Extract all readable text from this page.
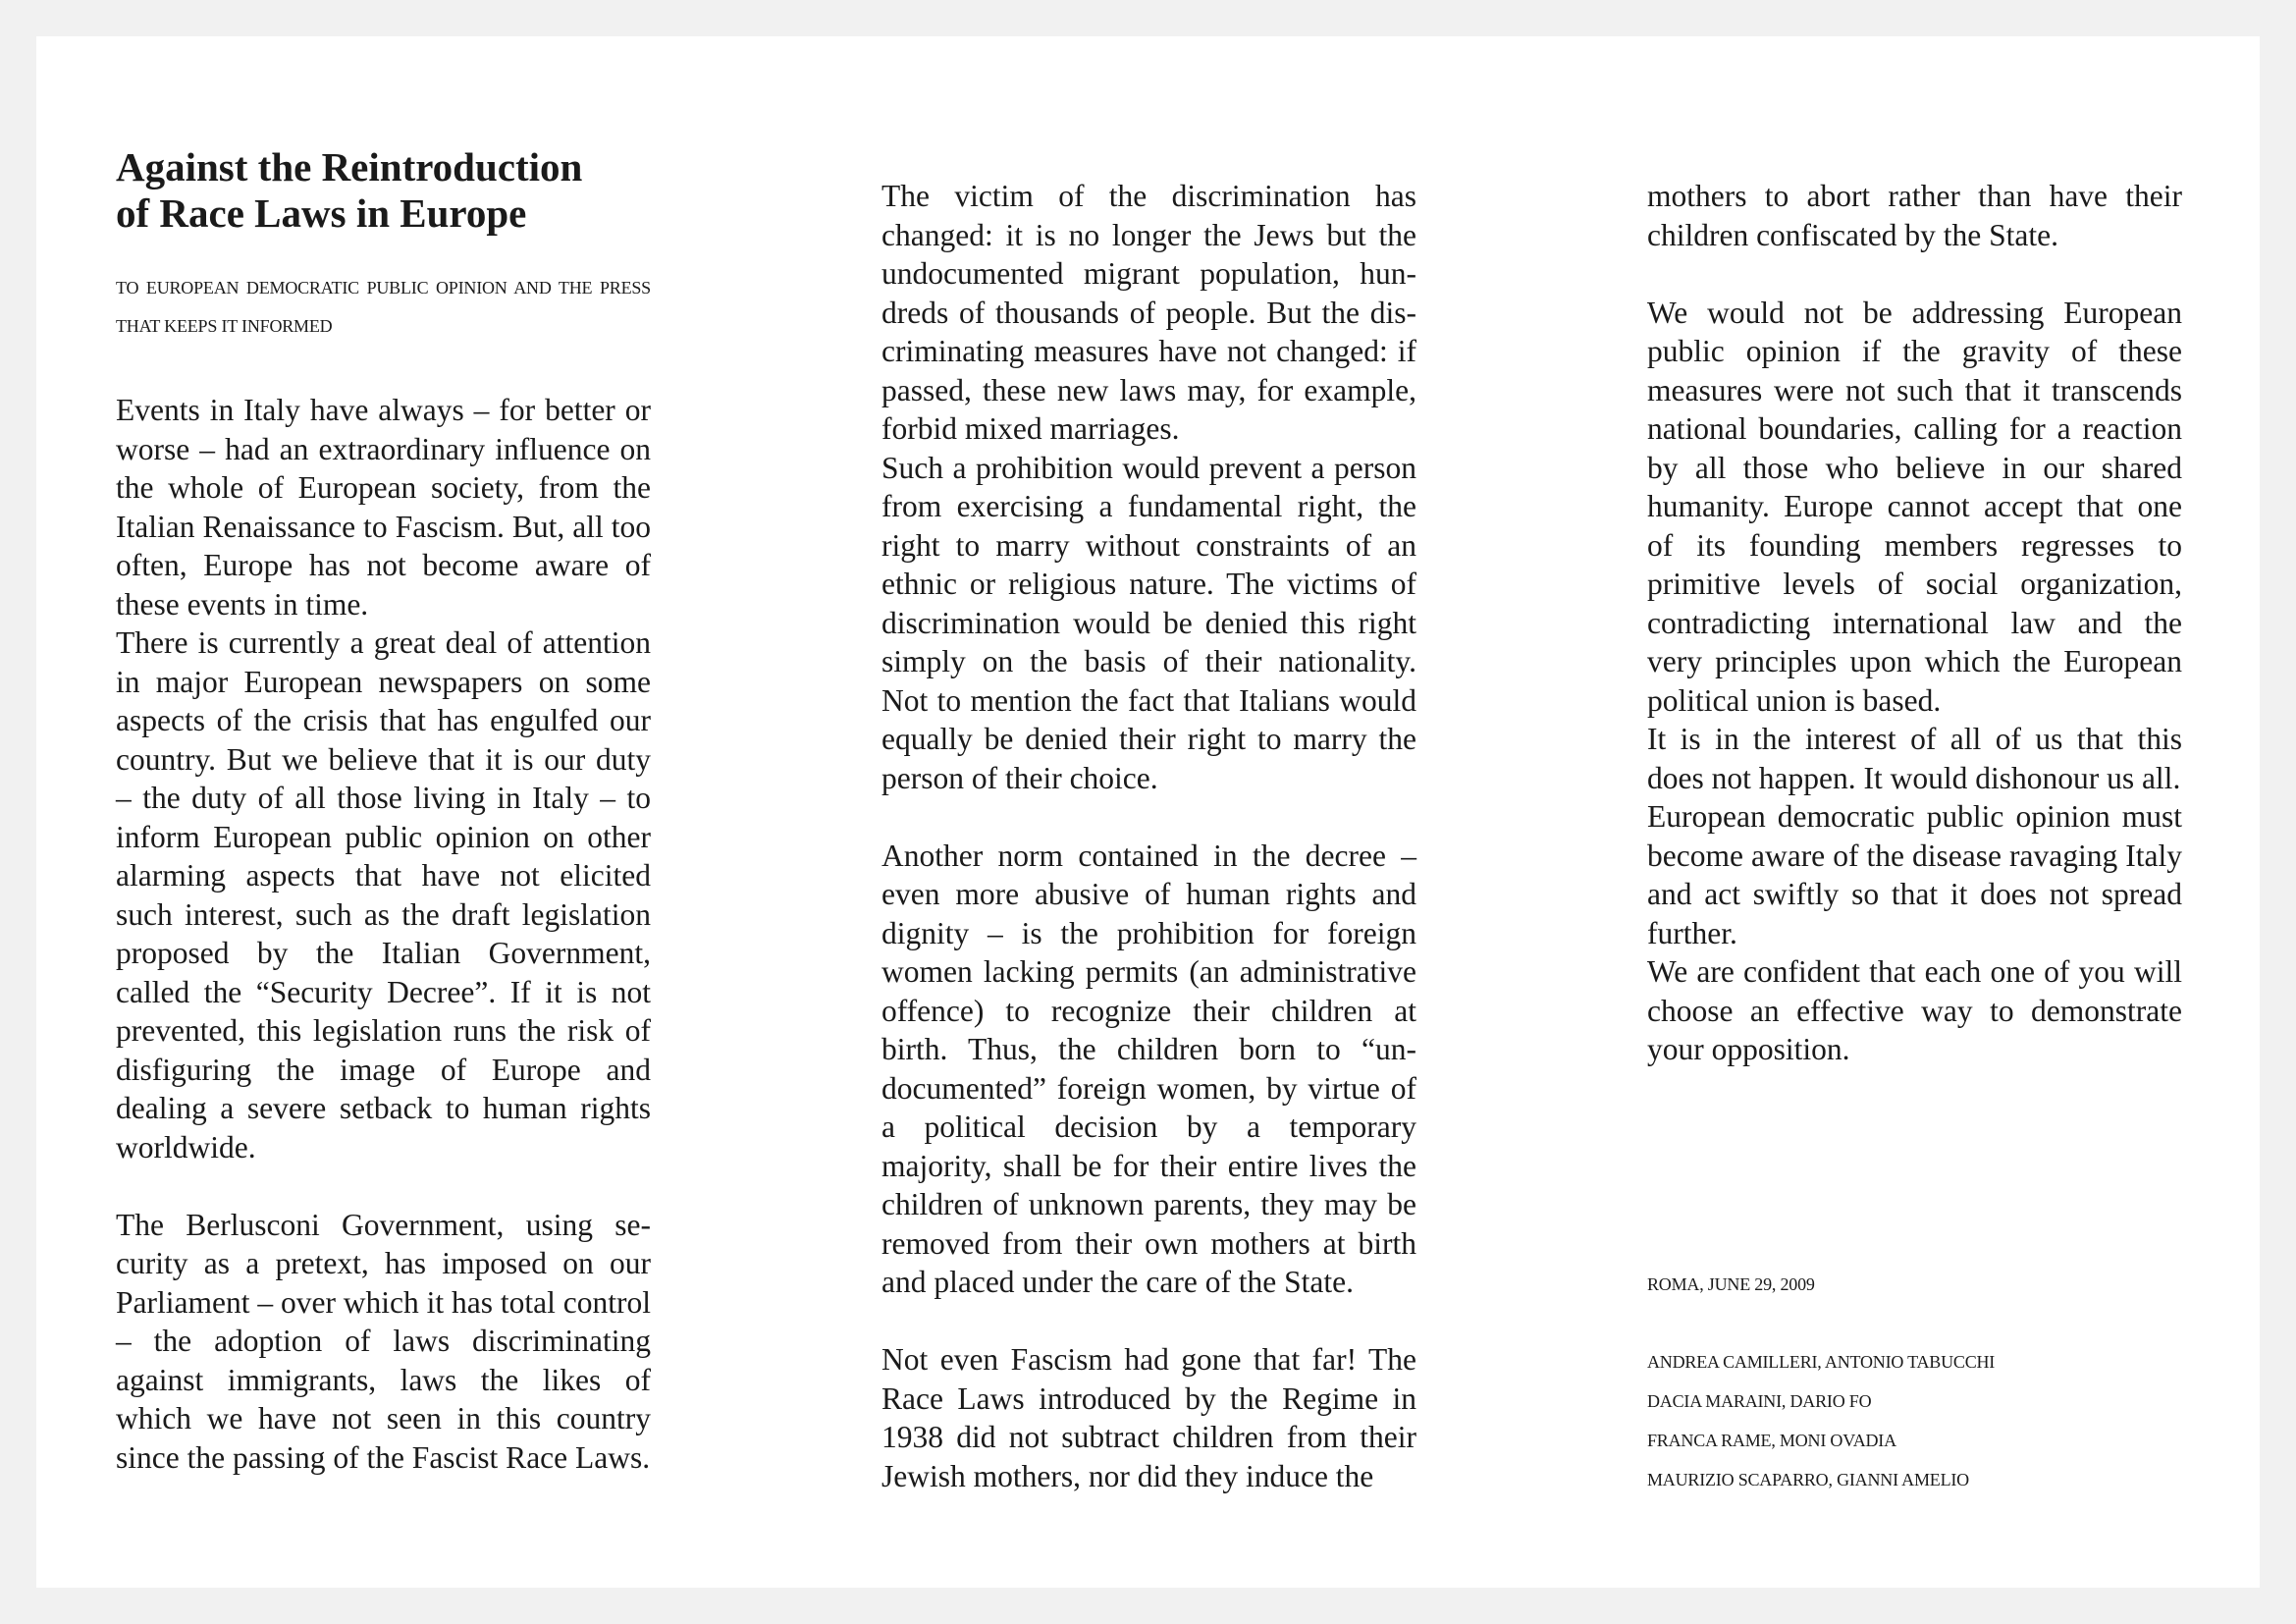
Against the Reintroduction
of Race Laws in Europe

TO EUROPEAN DEMOCRATIC PUBLIC OPINION AND THE PRESS THAT KEEPS IT INFORMED

Events in Italy have always – for better or worse – had an extraordinary influence on the whole of European society, from the Italian Renaissance to Fascism. But, all too often, Europe has not become aware of these events in time.

There is currently a great deal of attention in major European newspapers on some aspects of the crisis that has engulfed our country. But we believe that it is our duty – the duty of all those living in Italy – to inform European public opinion on other alarming aspects that have not elicited such interest, such as the draft legislation proposed by the Italian Government, called the “Security Decree”. If it is not prevented, this legislation runs the risk of disfiguring the image of Europe and dealing a severe setback to human rights worldwide.

The Berlusconi Government, using security as a pretext, has imposed on our Parliament – over which it has total control – the adoption of laws discriminating against immigrants, laws the likes of which we have not seen in this country since the passing of the Fascist Race Laws.

The victim of the discrimination has changed: it is no longer the Jews but the undocumented migrant population, hundreds of thousands of people. But the discriminating measures have not changed: if passed, these new laws may, for example, forbid mixed marriages.

Such a prohibition would prevent a person from exercising a fundamental right, the right to marry without constraints of an ethnic or religious nature. The victims of discrimination would be denied this right simply on the basis of their nationality. Not to mention the fact that Italians would equally be denied their right to marry the person of their choice.

Another norm contained in the decree – even more abusive of human rights and dignity – is the prohibition for foreign women lacking permits (an administrative offence) to recognize their children at birth. Thus, the children born to “undocumented” foreign women, by virtue of a political decision by a temporary majority, shall be for their entire lives the children of unknown parents, they may be removed from their own mothers at birth and placed under the care of the State.

Not even Fascism had gone that far! The Race Laws introduced by the Regime in 1938 did not subtract children from their Jewish mothers, nor did they induce the

mothers to abort rather than have their children confiscated by the State.

We would not be addressing European public opinion if the gravity of these measures were not such that it transcends national boundaries, calling for a reaction by all those who believe in our shared humanity. Europe cannot accept that one of its founding members regresses to primitive levels of social organization, contradicting international law and the very principles upon which the European political union is based.

It is in the interest of all of us that this does not happen. It would dishonour us all.

European democratic public opinion must become aware of the disease ravaging Italy and act swiftly so that it does not spread further.

We are confident that each one of you will choose an effective way to demonstrate your opposition.

ROMA, JUNE 29, 2009

ANDREA CAMILLERI, ANTONIO TABUCCHI
DACIA MARAINI, DARIO FO
FRANCA RAME, MONI OVADIA
MAURIZIO SCAPARRO, GIANNI AMELIO
